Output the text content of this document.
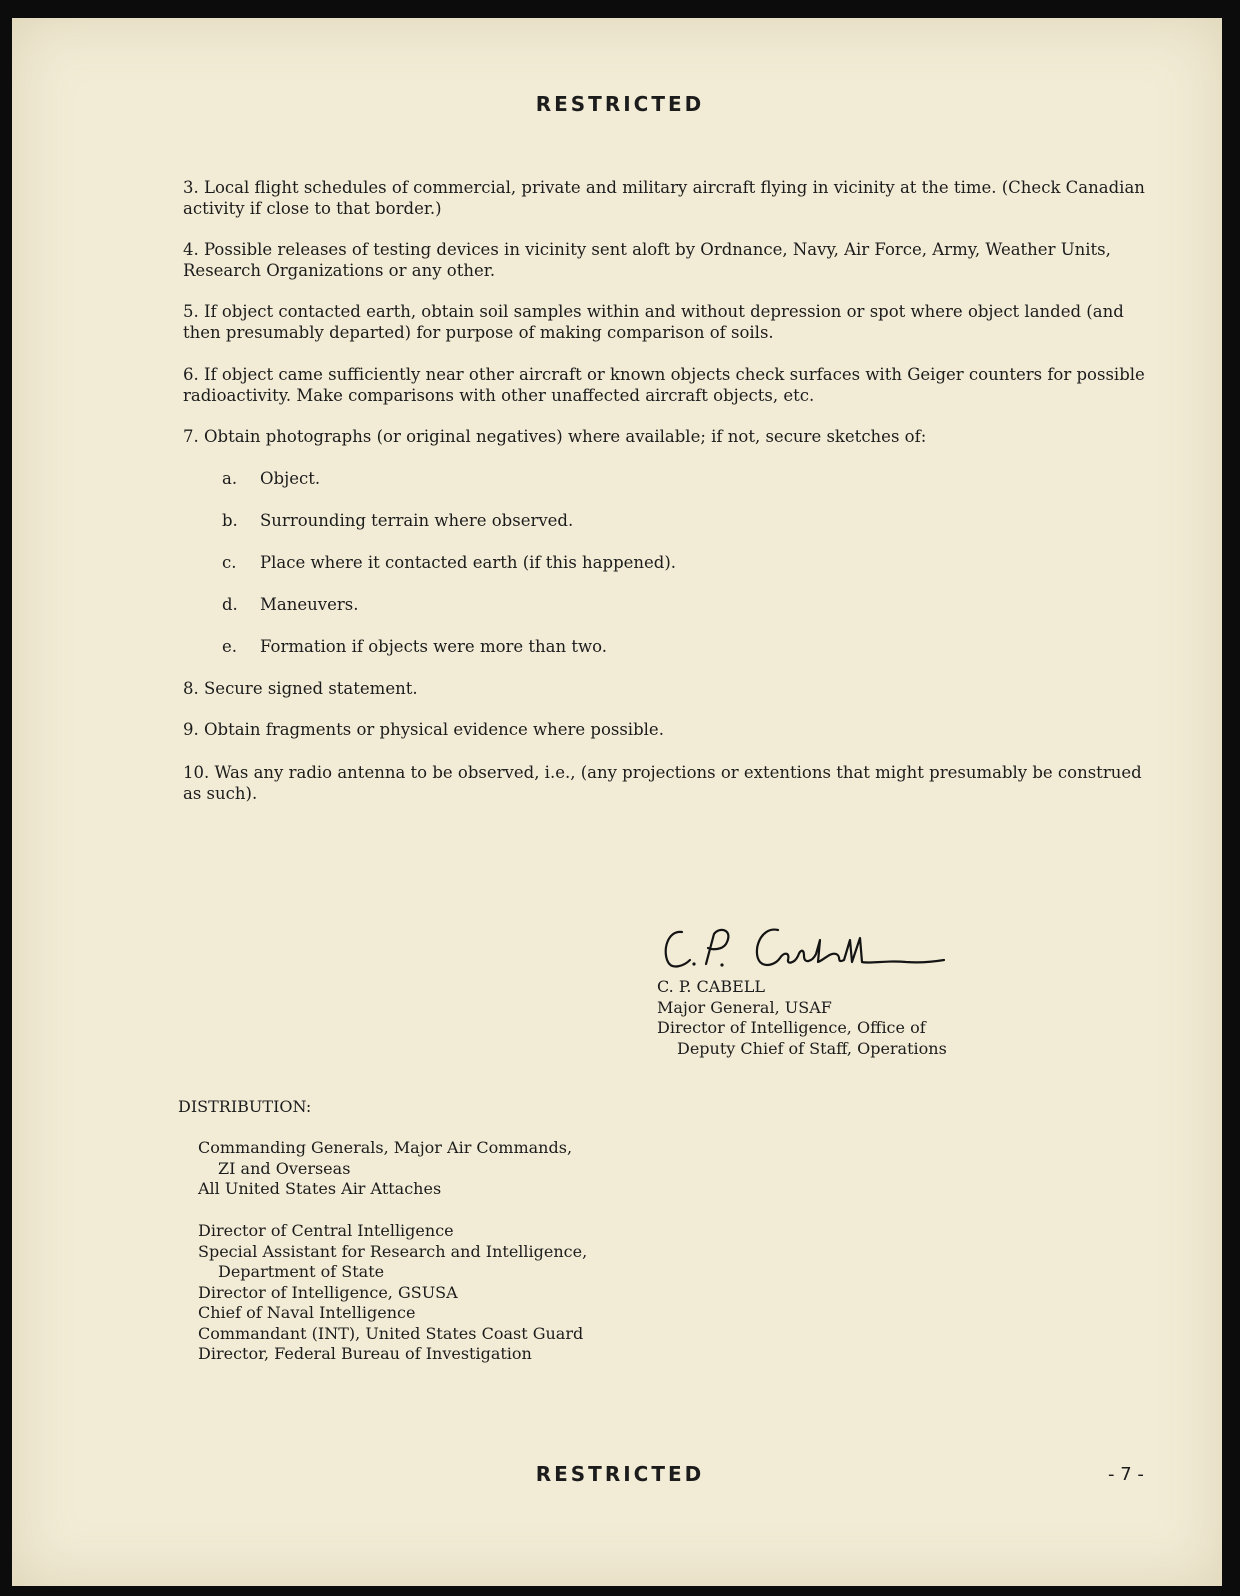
RESTRICTED
3. Local flight schedules of commercial, private and military aircraft flying in vicinity at the time. (Check Canadian activity if close to that border.)
4. Possible releases of testing devices in vicinity sent aloft by Ordnance, Navy, Air Force, Army, Weather Units, Research Organizations or any other.
5. If object contacted earth, obtain soil samples within and without depression or spot where object landed (and then presumably departed) for purpose of making comparison of soils.
6. If object came sufficiently near other aircraft or known objects check surfaces with Geiger counters for possible radioactivity. Make comparisons with other unaffected aircraft objects, etc.
7. Obtain photographs (or original negatives) where available; if not, secure sketches of:
a. Object.
b. Surrounding terrain where observed.
c. Place where it contacted earth (if this happened).
d. Maneuvers.
e. Formation if objects were more than two.
8. Secure signed statement.
9. Obtain fragments or physical evidence where possible.
10. Was any radio antenna to be observed, i.e., (any projections or extentions that might presumably be construed as such).
C. P. CABELL
Major General, USAF
Director of Intelligence, Office of
Deputy Chief of Staff, Operations
DISTRIBUTION:
Commanding Generals, Major Air Commands,
ZI and Overseas
All United States Air Attaches
Director of Central Intelligence
Special Assistant for Research and Intelligence,
Department of State
Director of Intelligence, GSUSA
Chief of Naval Intelligence
Commandant (INT), United States Coast Guard
Director, Federal Bureau of Investigation
RESTRICTED	- 7 -
